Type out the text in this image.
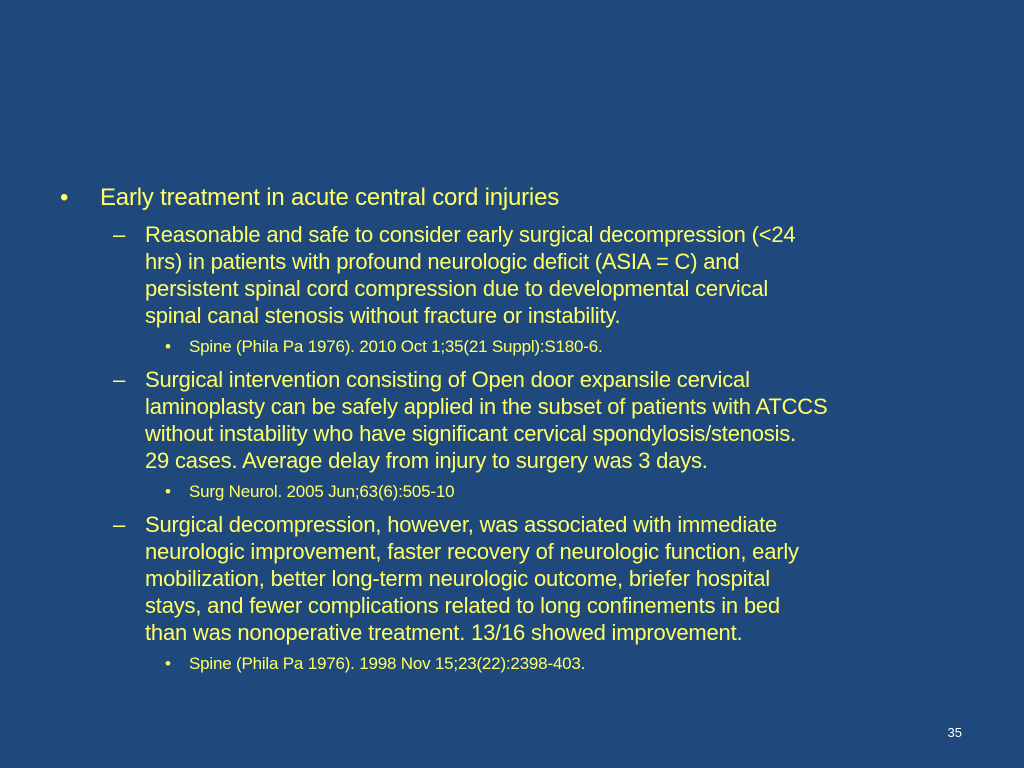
• Early treatment in acute central cord injuries
– Reasonable and safe to consider early surgical decompression (<24
hrs) in patients with profound neurologic deficit (ASIA = C) and
persistent spinal cord compression due to developmental cervical
spinal canal stenosis without fracture or instability.
• Spine (Phila Pa 1976). 2010 Oct 1;35(21 Suppl):S180-6.
– Surgical intervention consisting of Open door expansile cervical
laminoplasty can be safely applied in the subset of patients with ATCCS
without instability who have significant cervical spondylosis/stenosis.
29 cases. Average delay from injury to surgery was 3 days.
• Surg Neurol. 2005 Jun;63(6):505-10
– Surgical decompression, however, was associated with immediate
neurologic improvement, faster recovery of neurologic function, early
mobilization, better long-term neurologic outcome, briefer hospital
stays, and fewer complications related to long confinements in bed
than was nonoperative treatment. 13/16 showed improvement.
• Spine (Phila Pa 1976). 1998 Nov 15;23(22):2398-403.
35
